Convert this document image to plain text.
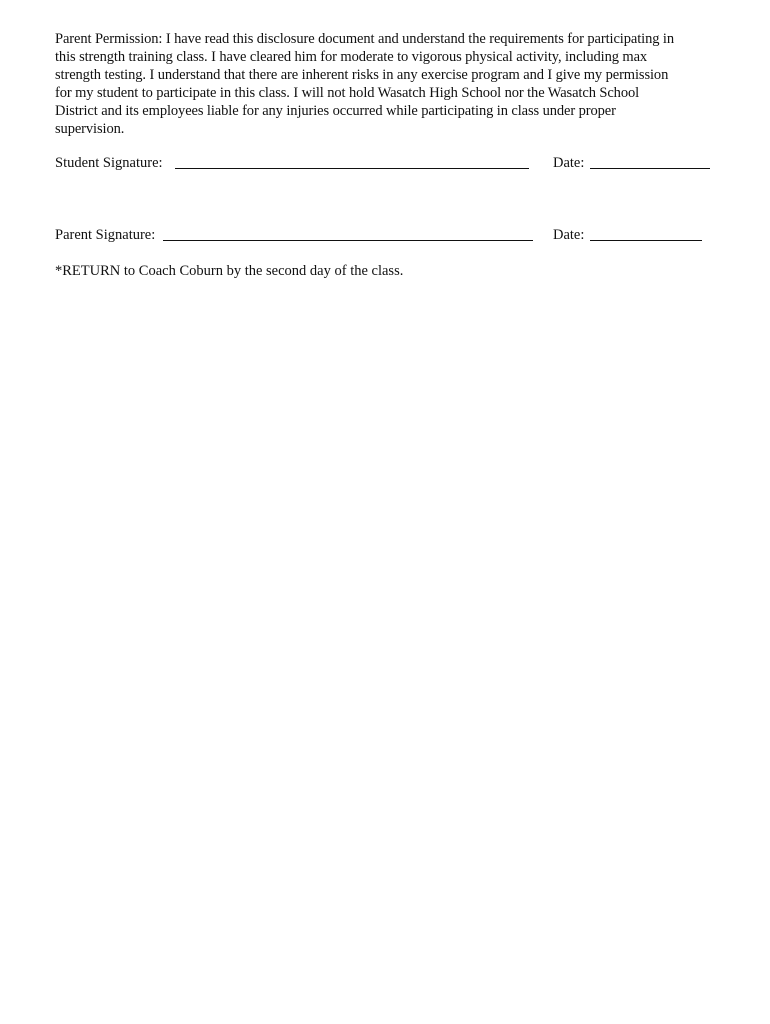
Parent Permission: I have read this disclosure document and understand the requirements for participating in
this strength training class. I have cleared him for moderate to vigorous physical activity, including max
strength testing. I understand that there are inherent risks in any exercise program and I give my permission
for my student to participate in this class. I will not hold Wasatch High School nor the Wasatch School
District and its employees liable for any injuries occurred while participating in class under proper
supervision.

Student Signature:	Date:
Parent Signature:	Date:

*RETURN to Coach Coburn by the second day of the class.
